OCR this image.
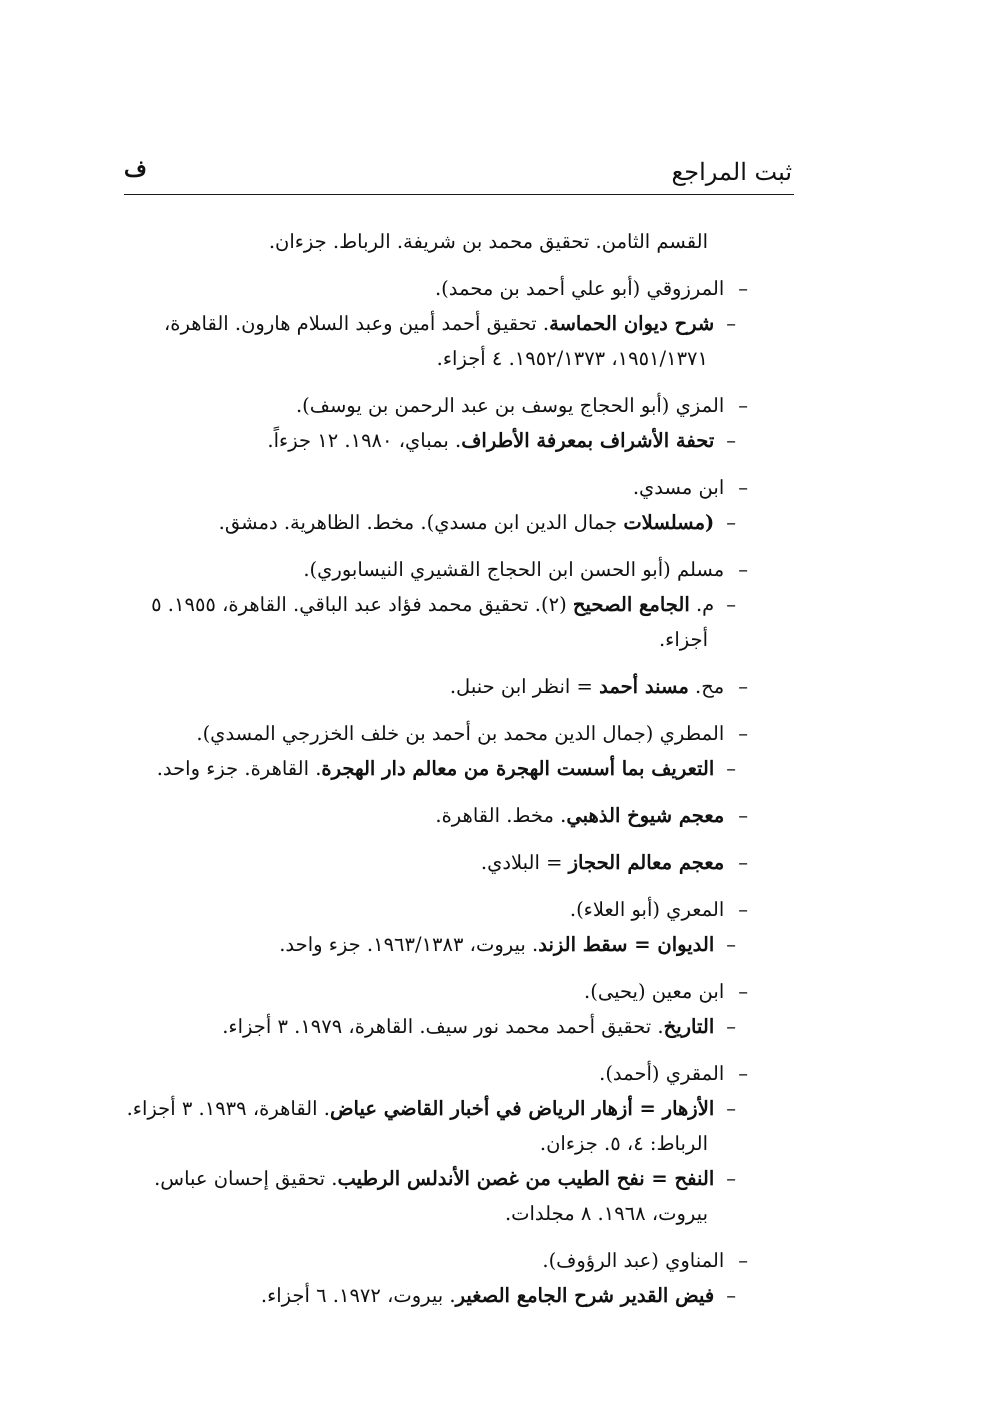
ثبت المراجع
ف
القسم الثامن. تحقيق محمد بن شريفة. الرباط. جزءان.
–المرزوقي (أبو علي أحمد بن محمد).
–شرح ديوان الحماسة. تحقيق أحمد أمين وعبد السلام هارون. القاهرة،
١٩٥١/١٣٧١، ١٩٥٢/١٣٧٣. ٤ أجزاء.
–المزي (أبو الحجاج يوسف بن عبد الرحمن بن يوسف).
–تحفة الأشراف بمعرفة الأطراف. بمباي، ١٩٨٠. ١٢ جزءاً.
–ابن مسدي.
–(مسلسلات جمال الدين ابن مسدي). مخط. الظاهرية. دمشق.
–مسلم (أبو الحسن ابن الحجاج القشيري النيسابوري).
–م. الجامع الصحيح (٢). تحقيق محمد فؤاد عبد الباقي. القاهرة، ١٩٥٥. ٥
أجزاء.
–مح. مسند أحمد = انظر ابن حنبل.
–المطري (جمال الدين محمد بن أحمد بن خلف الخزرجي المسدي).
–التعريف بما أسست الهجرة من معالم دار الهجرة. القاهرة. جزء واحد.
–معجم شيوخ الذهبي. مخط. القاهرة.
–معجم معالم الحجاز = البلادي.
–المعري (أبو العلاء).
–الديوان = سقط الزند. بيروت، ١٩٦٣/١٣٨٣. جزء واحد.
–ابن معين (يحيى).
–التاريخ. تحقيق أحمد محمد نور سيف. القاهرة، ١٩٧٩. ٣ أجزاء.
–المقري (أحمد).
–الأزهار = أزهار الرياض في أخبار القاضي عياض. القاهرة، ١٩٣٩. ٣ أجزاء.
الرباط: ٤، ٥. جزءان.
–النفح = نفح الطيب من غصن الأندلس الرطيب. تحقيق إحسان عباس.
بيروت، ١٩٦٨. ٨ مجلدات.
–المناوي (عبد الرؤوف).
–فيض القدير شرح الجامع الصغير. بيروت، ١٩٧٢. ٦ أجزاء.
